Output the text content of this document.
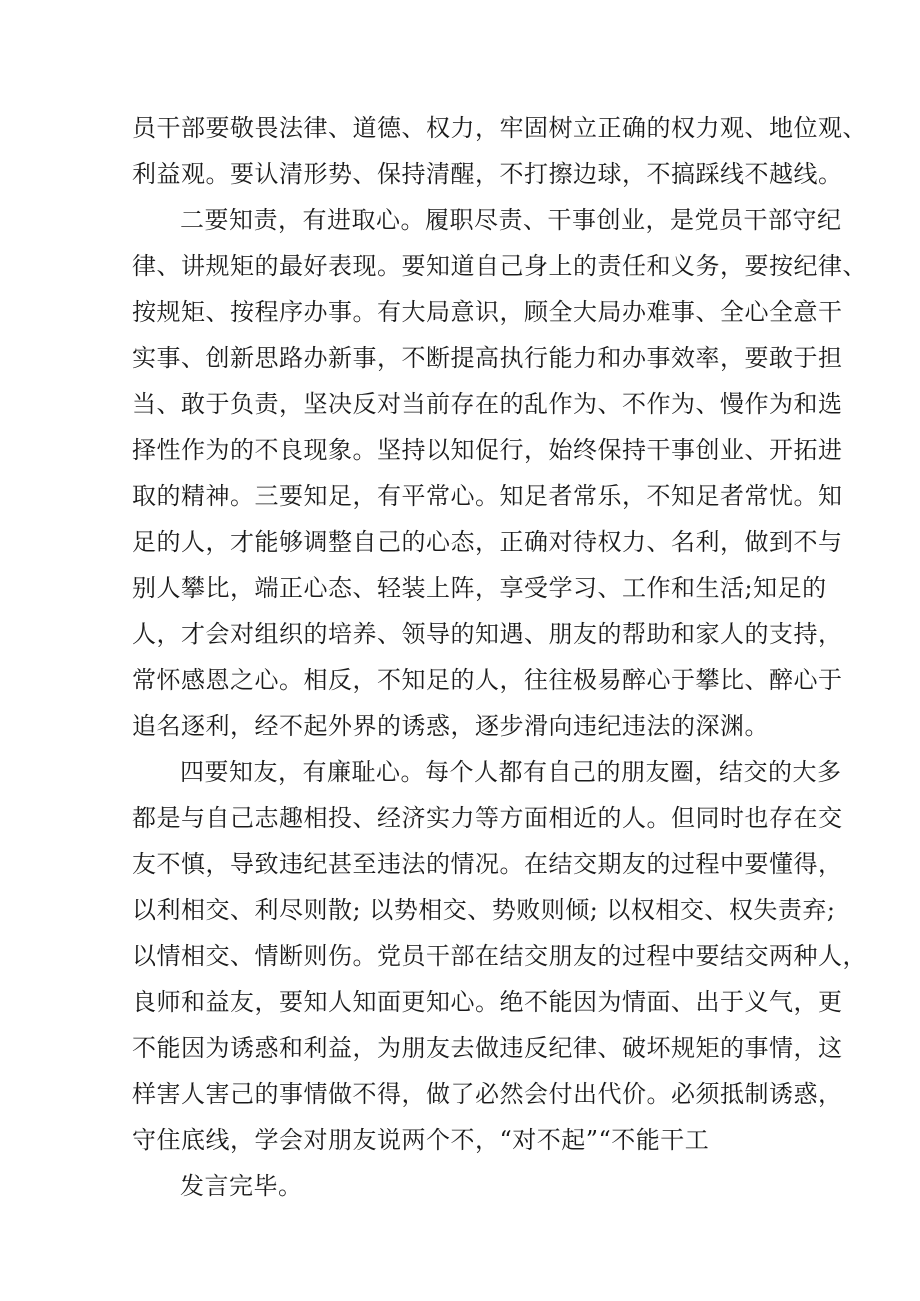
员干部要敬畏法律、道德、权力，牢固树立正确的权力观、地位观、
利益观。要认清形势、保持清醒，不打擦边球，不搞踩线不越线。
二要知责，有进取心。履职尽责、干事创业，是党员干部守纪
律、讲规矩的最好表现。要知道自己身上的责任和义务，要按纪律、
按规矩、按程序办事。有大局意识，顾全大局办难事、全心全意干
实事、创新思路办新事，不断提高执行能力和办事效率，要敢于担
当、敢于负责，坚决反对当前存在的乱作为、不作为、慢作为和选
择性作为的不良现象。坚持以知促行，始终保持干事创业、开拓进
取的精神。三要知足，有平常心。知足者常乐，不知足者常忧。知
足的人，才能够调整自己的心态，正确对待权力、名利，做到不与
别人攀比，端正心态、轻装上阵，享受学习、工作和生活;知足的
人，才会对组织的培养、领导的知遇、朋友的帮助和家人的支持，
常怀感恩之心。相反，不知足的人，往往极易醉心于攀比、醉心于
追名逐利，经不起外界的诱惑，逐步滑向违纪违法的深渊。
四要知友，有廉耻心。每个人都有自己的朋友圈，结交的大多
都是与自己志趣相投、经济实力等方面相近的人。但同时也存在交
友不慎，导致违纪甚至违法的情况。在结交期友的过程中要懂得，
以利相交、利尽则散; 以势相交、势败则倾; 以权相交、权失责弃;
以情相交、情断则伤。党员干部在结交朋友的过程中要结交两种人，
良师和益友，要知人知面更知心。绝不能因为情面、出于义气，更
不能因为诱惑和利益，为朋友去做违反纪律、破坏规矩的事情，这
样害人害己的事情做不得，做了必然会付出代价。必须抵制诱惑，
守住底线，学会对朋友说两个不，“对不起”“不能干工
发言完毕。
